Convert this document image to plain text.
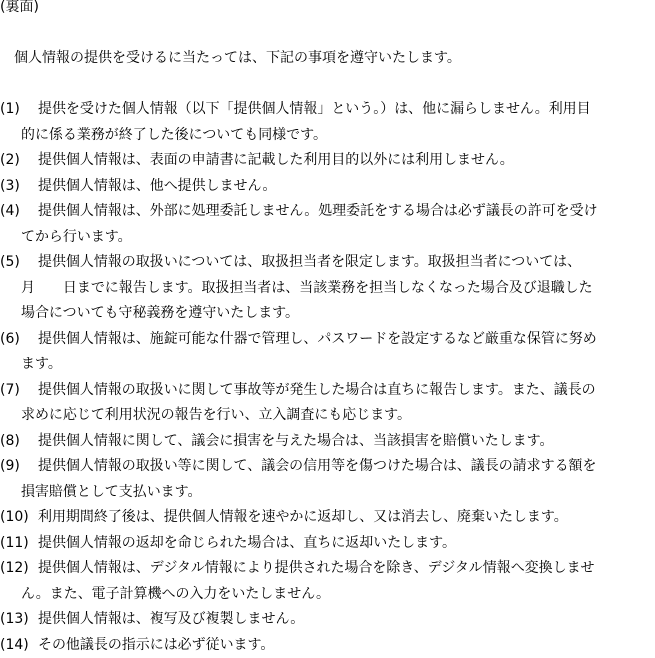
(裏面)
個人情報の提供を受けるに当たっては、下記の事項を遵守いたします。
(1)	提供を受けた個人情報（以下「提供個人情報」という。）は、他に漏らしません。利用目
的に係る業務が終了した後についても同様です。
(2)	提供個人情報は、表面の申請書に記載した利用目的以外には利用しません。
(3)	提供個人情報は、他へ提供しません。
(4)	提供個人情報は、外部に処理委託しません。処理委託をする場合は必ず議長の許可を受け
てから行います。
(5)	提供個人情報の取扱いについては、取扱担当者を限定します。取扱担当者については、
月　　日までに報告します。取扱担当者は、当該業務を担当しなくなった場合及び退職した
場合についても守秘義務を遵守いたします。
(6)	提供個人情報は、施錠可能な什器で管理し、パスワードを設定するなど厳重な保管に努め
ます。
(7)	提供個人情報の取扱いに関して事故等が発生した場合は直ちに報告します。また、議長の
求めに応じて利用状況の報告を行い、立入調査にも応じます。
(8)	提供個人情報に関して、議会に損害を与えた場合は、当該損害を賠償いたします。
(9)	提供個人情報の取扱い等に関して、議会の信用等を傷つけた場合は、議長の請求する額を
損害賠償として支払います。
(10) 利用期間終了後は、提供個人情報を速やかに返却し、又は消去し、廃棄いたします。
(11) 提供個人情報の返却を命じられた場合は、直ちに返却いたします。
(12) 提供個人情報は、デジタル情報により提供された場合を除き、デジタル情報へ変換しませ
ん。また、電子計算機への入力をいたしません。
(13) 提供個人情報は、複写及び複製しません。
(14) その他議長の指示には必ず従います。
